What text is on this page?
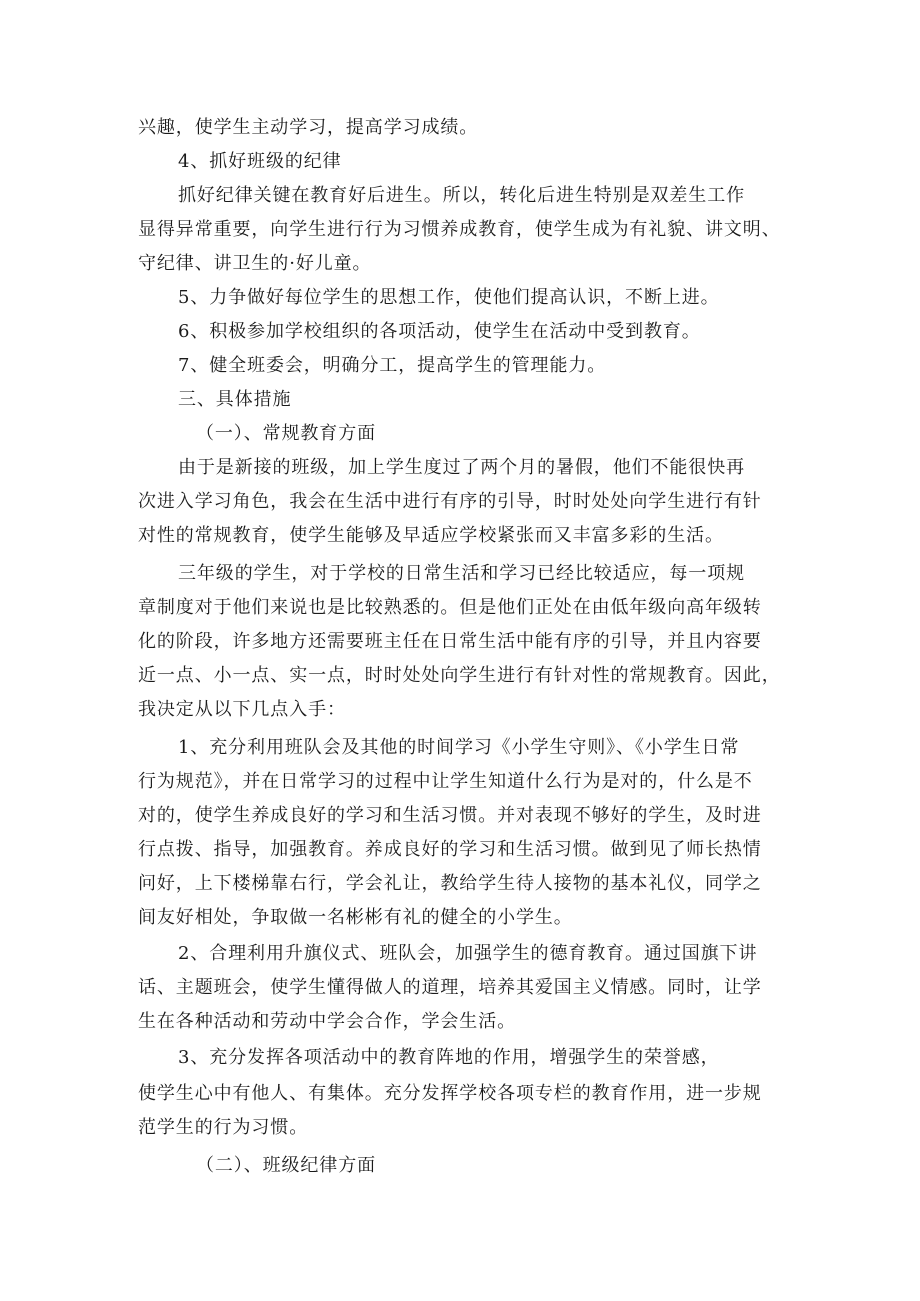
兴趣，使学生主动学习，提高学习成绩。
4、抓好班级的纪律
抓好纪律关键在教育好后进生。所以，转化后进生特别是双差生工作
显得异常重要，向学生进行行为习惯养成教育，使学生成为有礼貌、讲文明、
守纪律、讲卫生的·好儿童。
5、力争做好每位学生的思想工作，使他们提高认识，不断上进。
6、积极参加学校组织的各项活动，使学生在活动中受到教育。
7、健全班委会，明确分工，提高学生的管理能力。
三、具体措施
（一）、常规教育方面
由于是新接的班级，加上学生度过了两个月的暑假，他们不能很快再
次进入学习角色，我会在生活中进行有序的引导，时时处处向学生进行有针
对性的常规教育，使学生能够及早适应学校紧张而又丰富多彩的生活。
三年级的学生，对于学校的日常生活和学习已经比较适应，每一项规
章制度对于他们来说也是比较熟悉的。但是他们正处在由低年级向高年级转
化的阶段，许多地方还需要班主任在日常生活中能有序的引导，并且内容要
近一点、小一点、实一点，时时处处向学生进行有针对性的常规教育。因此，
我决定从以下几点入手：
1、充分利用班队会及其他的时间学习《小学生守则》、《小学生日常
行为规范》，并在日常学习的过程中让学生知道什么行为是对的，什么是不
对的，使学生养成良好的学习和生活习惯。并对表现不够好的学生，及时进
行点拨、指导，加强教育。养成良好的学习和生活习惯。做到见了师长热情
问好，上下楼梯靠右行，学会礼让，教给学生待人接物的基本礼仪，同学之
间友好相处，争取做一名彬彬有礼的健全的小学生。
2、合理利用升旗仪式、班队会，加强学生的德育教育。通过国旗下讲
话、主题班会，使学生懂得做人的道理，培养其爱国主义情感。同时，让学
生在各种活动和劳动中学会合作，学会生活。
3、充分发挥各项活动中的教育阵地的作用，增强学生的荣誉感，
使学生心中有他人、有集体。充分发挥学校各项专栏的教育作用，进一步规
范学生的行为习惯。
（二）、班级纪律方面
